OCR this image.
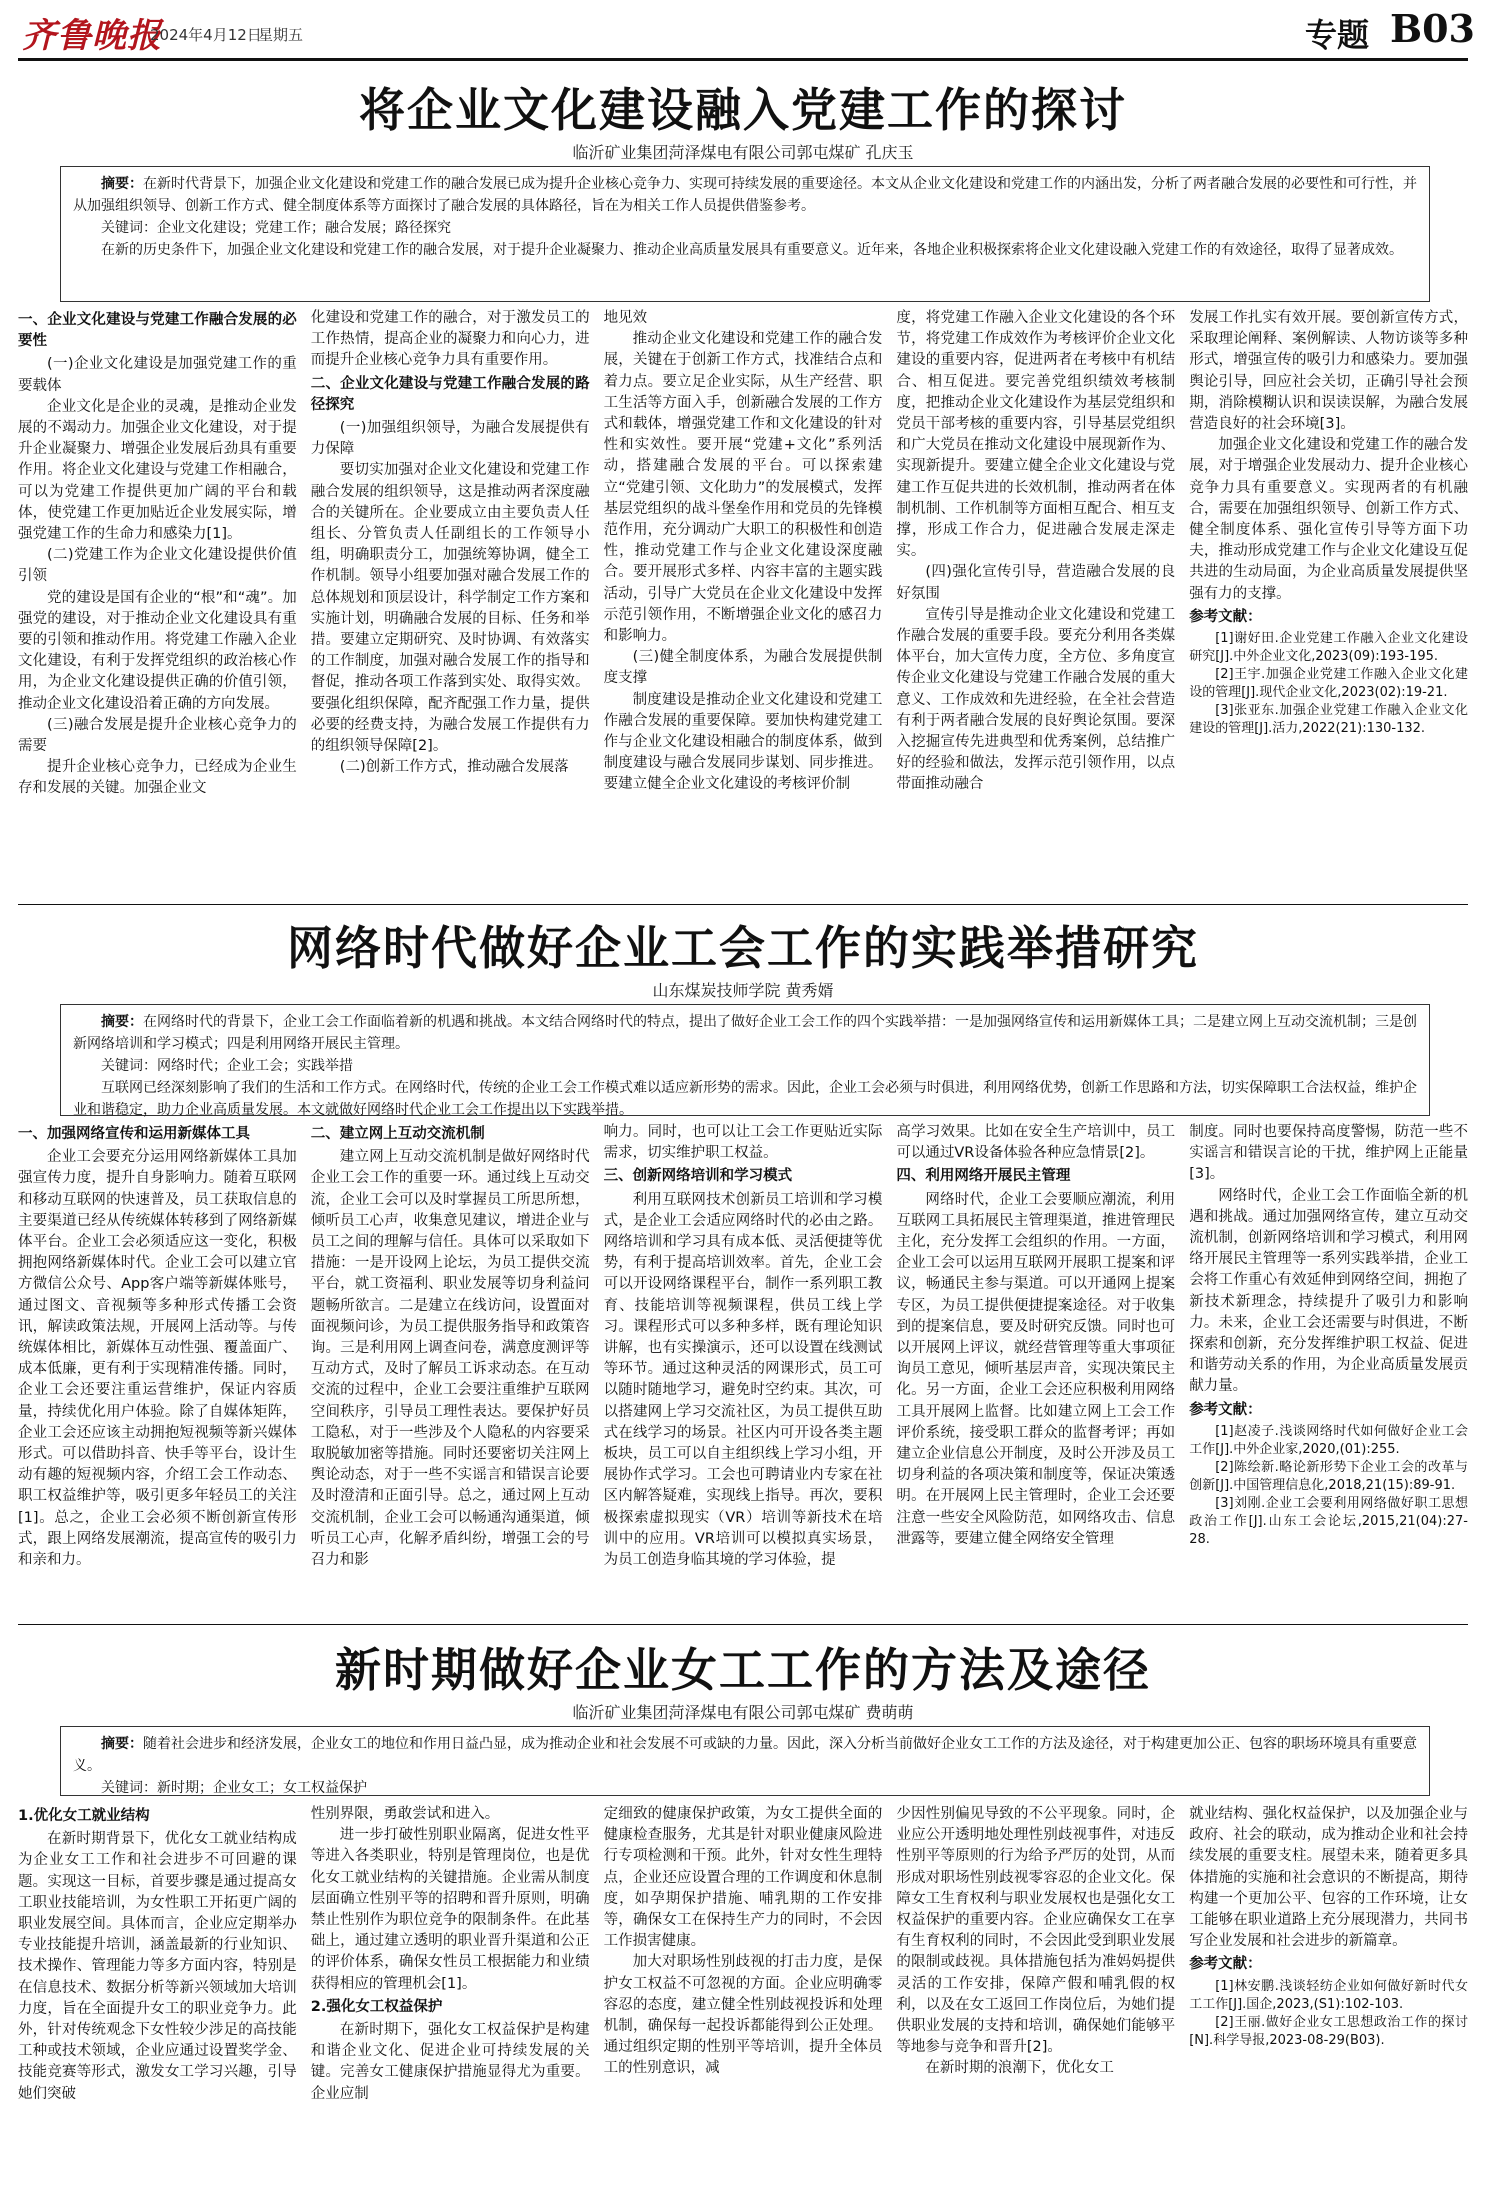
齐鲁晚报
2024年4月12日
星期五	专题 B03
将企业文化建设融入党建工作的探讨
临沂矿业集团菏泽煤电有限公司郭屯煤矿 孔庆玉

摘要：在新时代背景下，加强企业文化建设和党建工作的融合发展已成为提升企业核心竞争力、实现可持续发展的重要途径。本文从企业文化建设和党建工作的内涵出发，分析了两者融合发展的必要性和可行性，并从加强组织领导、创新工作方式、健全制度体系等方面探讨了融合发展的具体路径，旨在为相关工作人员提供借鉴参考。

关键词：企业文化建设；党建工作；融合发展；路径探究

在新的历史条件下，加强企业文化建设和党建工作的融合发展，对于提升企业凝聚力、推动企业高质量发展具有重要意义。近年来，各地企业积极探索将企业文化建设融入党建工作的有效途径，取得了显著成效。

一、企业文化建设与党建工作融合发展的必要性

(一)企业文化建设是加强党建工作的重要载体

企业文化是企业的灵魂，是推动企业发展的不竭动力。加强企业文化建设，对于提升企业凝聚力、增强企业发展后劲具有重要作用。将企业文化建设与党建工作相融合，可以为党建工作提供更加广阔的平台和载体，使党建工作更加贴近企业发展实际，增强党建工作的生命力和感染力[1]。

(二)党建工作为企业文化建设提供价值引领

党的建设是国有企业的“根”和“魂”。加强党的建设，对于推动企业文化建设具有重要的引领和推动作用。将党建工作融入企业文化建设，有利于发挥党组织的政治核心作用，为企业文化建设提供正确的价值引领，推动企业文化建设沿着正确的方向发展。

(三)融合发展是提升企业核心竞争力的需要

提升企业核心竞争力，已经成为企业生存和发展的关键。加强企业文

化建设和党建工作的融合，对于激发员工的工作热情，提高企业的凝聚力和向心力，进而提升企业核心竞争力具有重要作用。

二、企业文化建设与党建工作融合发展的路径探究

(一)加强组织领导，为融合发展提供有力保障

要切实加强对企业文化建设和党建工作融合发展的组织领导，这是推动两者深度融合的关键所在。企业要成立由主要负责人任组长、分管负责人任副组长的工作领导小组，明确职责分工，加强统筹协调，健全工作机制。领导小组要加强对融合发展工作的总体规划和顶层设计，科学制定工作方案和实施计划，明确融合发展的目标、任务和举措。要建立定期研究、及时协调、有效落实的工作制度，加强对融合发展工作的指导和督促，推动各项工作落到实处、取得实效。要强化组织保障，配齐配强工作力量，提供必要的经费支持，为融合发展工作提供有力的组织领导保障[2]。

(二)创新工作方式，推动融合发展落

地见效

推动企业文化建设和党建工作的融合发展，关键在于创新工作方式，找准结合点和着力点。要立足企业实际，从生产经营、职工生活等方面入手，创新融合发展的工作方式和载体，增强党建工作和文化建设的针对性和实效性。要开展“党建+文化”系列活动，搭建融合发展的平台。可以探索建立“党建引领、文化助力”的发展模式，发挥基层党组织的战斗堡垒作用和党员的先锋模范作用，充分调动广大职工的积极性和创造性，推动党建工作与企业文化建设深度融合。要开展形式多样、内容丰富的主题实践活动，引导广大党员在企业文化建设中发挥示范引领作用，不断增强企业文化的感召力和影响力。

(三)健全制度体系，为融合发展提供制度支撑

制度建设是推动企业文化建设和党建工作融合发展的重要保障。要加快构建党建工作与企业文化建设相融合的制度体系，做到制度建设与融合发展同步谋划、同步推进。要建立健全企业文化建设的考核评价制

度，将党建工作融入企业文化建设的各个环节，将党建工作成效作为考核评价企业文化建设的重要内容，促进两者在考核中有机结合、相互促进。要完善党组织绩效考核制度，把推动企业文化建设作为基层党组织和党员干部考核的重要内容，引导基层党组织和广大党员在推动文化建设中展现新作为、实现新提升。要建立健全企业文化建设与党建工作互促共进的长效机制，推动两者在体制机制、工作机制等方面相互配合、相互支撑，形成工作合力，促进融合发展走深走实。

(四)强化宣传引导，营造融合发展的良好氛围

宣传引导是推动企业文化建设和党建工作融合发展的重要手段。要充分利用各类媒体平台，加大宣传力度，全方位、多角度宣传企业文化建设与党建工作融合发展的重大意义、工作成效和先进经验，在全社会营造有利于两者融合发展的良好舆论氛围。要深入挖掘宣传先进典型和优秀案例，总结推广好的经验和做法，发挥示范引领作用，以点带面推动融合

发展工作扎实有效开展。要创新宣传方式，采取理论阐释、案例解读、人物访谈等多种形式，增强宣传的吸引力和感染力。要加强舆论引导，回应社会关切，正确引导社会预期，消除模糊认识和误读误解，为融合发展营造良好的社会环境[3]。

加强企业文化建设和党建工作的融合发展，对于增强企业发展动力、提升企业核心竞争力具有重要意义。实现两者的有机融合，需要在加强组织领导、创新工作方式、健全制度体系、强化宣传引导等方面下功夫，推动形成党建工作与企业文化建设互促共进的生动局面，为企业高质量发展提供坚强有力的支撑。

参考文献：

[1]谢好田.企业党建工作融入企业文化建设研究[J].中外企业文化,2023(09):193-195.

[2]王宇.加强企业党建工作融入企业文化建设的管理[J].现代企业文化,2023(02):19-21.

[3]张亚东.加强企业党建工作融入企业文化建设的管理[J].活力,2022(21):130-132.

网络时代做好企业工会工作的实践举措研究
山东煤炭技师学院 黄秀婿

摘要：在网络时代的背景下，企业工会工作面临着新的机遇和挑战。本文结合网络时代的特点，提出了做好企业工会工作的四个实践举措：一是加强网络宣传和运用新媒体工具；二是建立网上互动交流机制；三是创新网络培训和学习模式；四是利用网络开展民主管理。

关键词：网络时代；企业工会；实践举措

互联网已经深刻影响了我们的生活和工作方式。在网络时代，传统的企业工会工作模式难以适应新形势的需求。因此，企业工会必须与时俱进，利用网络优势，创新工作思路和方法，切实保障职工合法权益，维护企业和谐稳定，助力企业高质量发展。本文就做好网络时代企业工会工作提出以下实践举措。

一、加强网络宣传和运用新媒体工具

企业工会要充分运用网络新媒体工具加强宣传力度，提升自身影响力。随着互联网和移动互联网的快速普及，员工获取信息的主要渠道已经从传统媒体转移到了网络新媒体平台。企业工会必须适应这一变化，积极拥抱网络新媒体时代。企业工会可以建立官方微信公众号、App客户端等新媒体账号，通过图文、音视频等多种形式传播工会资讯，解读政策法规，开展网上活动等。与传统媒体相比，新媒体互动性强、覆盖面广、成本低廉，更有利于实现精准传播。同时，企业工会还要注重运营维护，保证内容质量，持续优化用户体验。除了自媒体矩阵，企业工会还应该主动拥抱短视频等新兴媒体形式。可以借助抖音、快手等平台，设计生动有趣的短视频内容，介绍工会工作动态、职工权益维护等，吸引更多年轻员工的关注[1]。总之，企业工会必须不断创新宣传形式，跟上网络发展潮流，提高宣传的吸引力和亲和力。

二、建立网上互动交流机制

建立网上互动交流机制是做好网络时代企业工会工作的重要一环。通过线上互动交流，企业工会可以及时掌握员工所思所想，倾听员工心声，收集意见建议，增进企业与员工之间的理解与信任。具体可以采取如下措施：一是开设网上论坛，为员工提供交流平台，就工资福利、职业发展等切身利益问题畅所欲言。二是建立在线访问，设置面对面视频问诊，为员工提供服务指导和政策咨询。三是利用网上调查问卷，满意度测评等互动方式，及时了解员工诉求动态。在互动交流的过程中，企业工会要注重维护互联网空间秩序，引导员工理性表达。要保护好员工隐私，对于一些涉及个人隐私的内容要采取脱敏加密等措施。同时还要密切关注网上舆论动态，对于一些不实谣言和错误言论要及时澄清和正面引导。总之，通过网上互动交流机制，企业工会可以畅通沟通渠道，倾听员工心声，化解矛盾纠纷，增强工会的号召力和影

响力。同时，也可以让工会工作更贴近实际需求，切实维护职工权益。

三、创新网络培训和学习模式

利用互联网技术创新员工培训和学习模式，是企业工会适应网络时代的必由之路。网络培训和学习具有成本低、灵活便捷等优势，有利于提高培训效率。首先，企业工会可以开设网络课程平台，制作一系列职工教育、技能培训等视频课程，供员工线上学习。课程形式可以多种多样，既有理论知识讲解，也有实操演示，还可以设置在线测试等环节。通过这种灵活的网课形式，员工可以随时随地学习，避免时空约束。其次，可以搭建网上学习交流社区，为员工提供互助式在线学习的场景。社区内可开设各类主题板块，员工可以自主组织线上学习小组，开展协作式学习。工会也可聘请业内专家在社区内解答疑难，实现线上指导。再次，要积极探索虚拟现实（VR）培训等新技术在培训中的应用。VR培训可以模拟真实场景，为员工创造身临其境的学习体验，提

高学习效果。比如在安全生产培训中，员工可以通过VR设备体验各种应急情景[2]。

四、利用网络开展民主管理

网络时代，企业工会要顺应潮流，利用互联网工具拓展民主管理渠道，推进管理民主化，充分发挥工会组织的作用。一方面，企业工会可以运用互联网开展职工提案和评议，畅通民主参与渠道。可以开通网上提案专区，为员工提供便捷提案途径。对于收集到的提案信息，要及时研究反馈。同时也可以开展网上评议，就经营管理等重大事项征询员工意见，倾听基层声音，实现决策民主化。另一方面，企业工会还应积极利用网络工具开展网上监督。比如建立网上工会工作评价系统，接受职工群众的监督考评；再如建立企业信息公开制度，及时公开涉及员工切身利益的各项决策和制度等，保证决策透明。在开展网上民主管理时，企业工会还要注意一些安全风险防范，如网络攻击、信息泄露等，要建立健全网络安全管理

制度。同时也要保持高度警惕，防范一些不实谣言和错误言论的干扰，维护网上正能量[3]。

网络时代，企业工会工作面临全新的机遇和挑战。通过加强网络宣传，建立互动交流机制，创新网络培训和学习模式，利用网络开展民主管理等一系列实践举措，企业工会将工作重心有效延伸到网络空间，拥抱了新技术新理念，持续提升了吸引力和影响力。未来，企业工会还需要与时俱进，不断探索和创新，充分发挥维护职工权益、促进和谐劳动关系的作用，为企业高质量发展贡献力量。

参考文献：

[1]赵凌子.浅谈网络时代如何做好企业工会工作[J].中外企业家,2020,(01):255.

[2]陈绘新.略论新形势下企业工会的改革与创新[J].中国管理信息化,2018,21(15):89-91.

[3]刘刚.企业工会要利用网络做好职工思想政治工作[J].山东工会论坛,2015,21(04):27-28.

新时期做好企业女工工作的方法及途径
临沂矿业集团菏泽煤电有限公司郭屯煤矿 费萌萌

摘要：随着社会进步和经济发展，企业女工的地位和作用日益凸显，成为推动企业和社会发展不可或缺的力量。因此，深入分析当前做好企业女工工作的方法及途径，对于构建更加公正、包容的职场环境具有重要意义。

关键词：新时期；企业女工；女工权益保护

1.优化女工就业结构

在新时期背景下，优化女工就业结构成为企业女工工作和社会进步不可回避的课题。实现这一目标，首要步骤是通过提高女工职业技能培训，为女性职工开拓更广阔的职业发展空间。具体而言，企业应定期举办专业技能提升培训，涵盖最新的行业知识、技术操作、管理能力等多方面内容，特别是在信息技术、数据分析等新兴领域加大培训力度，旨在全面提升女工的职业竞争力。此外，针对传统观念下女性较少涉足的高技能工种或技术领域，企业应通过设置奖学金、技能竞赛等形式，激发女工学习兴趣，引导她们突破

性别界限，勇敢尝试和进入。

进一步打破性别职业隔离，促进女性平等进入各类职业，特别是管理岗位，也是优化女工就业结构的关键措施。企业需从制度层面确立性别平等的招聘和晋升原则，明确禁止性别作为职位竞争的限制条件。在此基础上，通过建立透明的职业晋升渠道和公正的评价体系，确保女性员工根据能力和业绩获得相应的管理机会[1]。

2.强化女工权益保护

在新时期下，强化女工权益保护是构建和谐企业文化、促进企业可持续发展的关键。完善女工健康保护措施显得尤为重要。企业应制

定细致的健康保护政策，为女工提供全面的健康检查服务，尤其是针对职业健康风险进行专项检测和干预。此外，针对女性生理特点，企业还应设置合理的工作调度和休息制度，如孕期保护措施、哺乳期的工作安排等，确保女工在保持生产力的同时，不会因工作损害健康。

加大对职场性别歧视的打击力度，是保护女工权益不可忽视的方面。企业应明确零容忍的态度，建立健全性别歧视投诉和处理机制，确保每一起投诉都能得到公正处理。通过组织定期的性别平等培训，提升全体员工的性别意识，减

少因性别偏见导致的不公平现象。同时，企业应公开透明地处理性别歧视事件，对违反性别平等原则的行为给予严厉的处罚，从而形成对职场性别歧视零容忍的企业文化。保障女工生育权利与职业发展权也是强化女工权益保护的重要内容。企业应确保女工在享有生育权利的同时，不会因此受到职业发展的限制或歧视。具体措施包括为准妈妈提供灵活的工作安排，保障产假和哺乳假的权利，以及在女工返回工作岗位后，为她们提供职业发展的支持和培训，确保她们能够平等地参与竞争和晋升[2]。

在新时期的浪潮下，优化女工

就业结构、强化权益保护，以及加强企业与政府、社会的联动，成为推动企业和社会持续发展的重要支柱。展望未来，随着更多具体措施的实施和社会意识的不断提高，期待构建一个更加公平、包容的工作环境，让女工能够在职业道路上充分展现潜力，共同书写企业发展和社会进步的新篇章。

参考文献：

[1]林安鹏.浅谈轻纺企业如何做好新时代女工工作[J].国企,2023,(S1):102-103.

[2]王丽.做好企业女工思想政治工作的探讨[N].科学导报,2023-08-29(B03).
